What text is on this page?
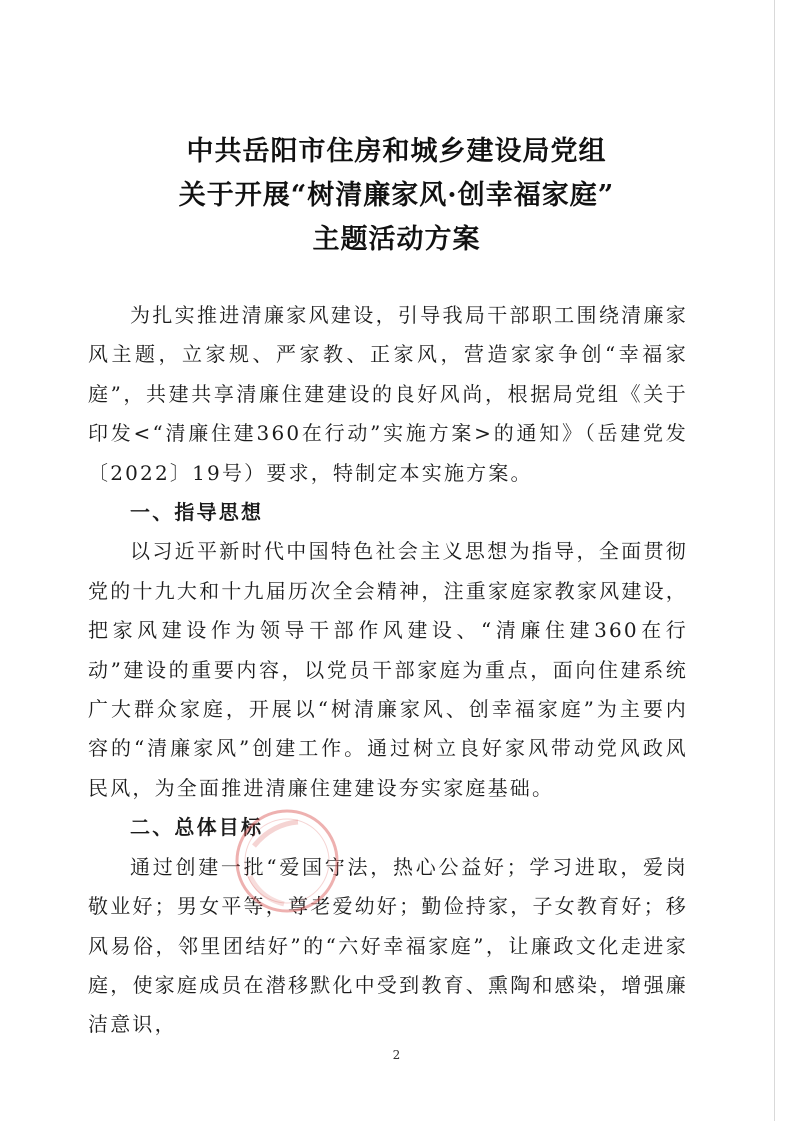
中共岳阳市住房和城乡建设局党组
关于开展“树清廉家风·创幸福家庭”
主题活动方案

为扎实推进清廉家风建设，引导我局干部职工围绕清廉家风主题，立家规、严家教、正家风，营造家家争创“幸福家庭”，共建共享清廉住建建设的良好风尚，根据局党组《关于印发<“清廉住建360在行动”实施方案>的通知》（岳建党发〔2022〕19号）要求，特制定本实施方案。

一、指导思想

以习近平新时代中国特色社会主义思想为指导，全面贯彻党的十九大和十九届历次全会精神，注重家庭家教家风建设，把家风建设作为领导干部作风建设、“清廉住建360在行动”建设的重要内容，以党员干部家庭为重点，面向住建系统广大群众家庭，开展以“树清廉家风、创幸福家庭”为主要内容的“清廉家风”创建工作。通过树立良好家风带动党风政风民风，为全面推进清廉住建建设夯实家庭基础。

二、总体目标

通过创建一批“爱国守法，热心公益好；学习进取，爱岗敬业好；男女平等，尊老爱幼好；勤俭持家，子女教育好；移风易俗，邻里团结好”的“六好幸福家庭”，让廉政文化走进家庭，使家庭成员在潜移默化中受到教育、熏陶和感染，增强廉洁意识，

2
